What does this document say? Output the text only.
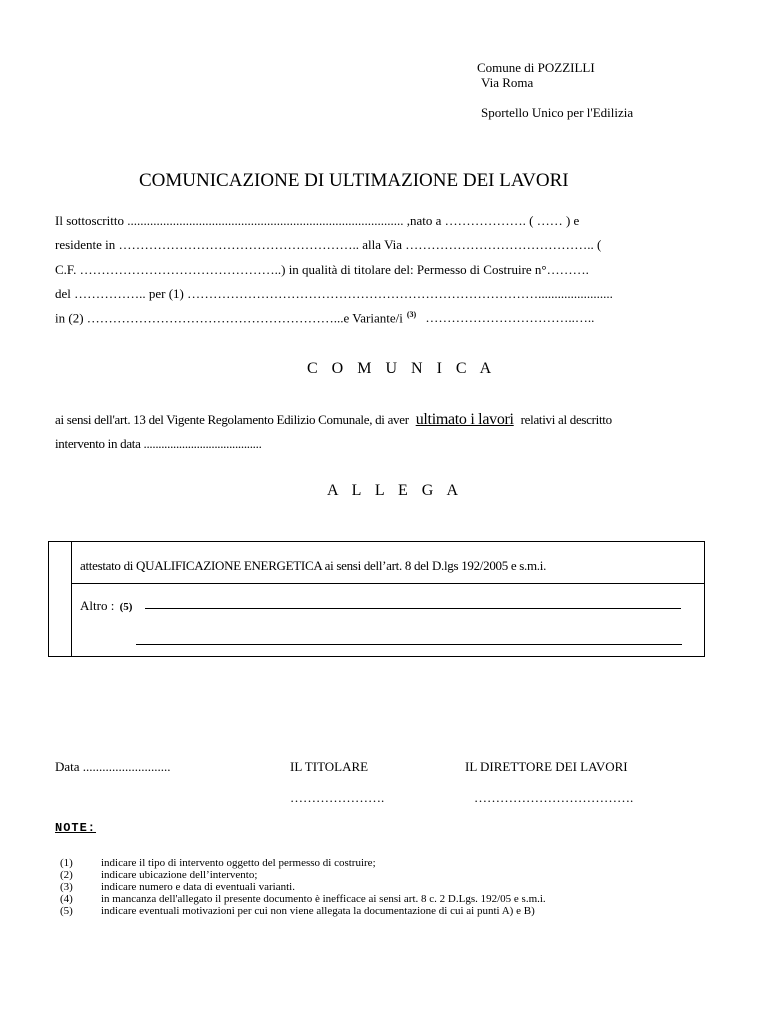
Comune di POZZILLI
Via Roma
Sportello Unico per l'Edilizia
COMUNICAZIONE DI ULTIMAZIONE DEI LAVORI
Il sottoscritto ..................................................................................... ,nato a ………………. ( …… ) e
residente in ……………………………………………….. alla Via …………………………………….. (
C.F. ………………………………………..) in qualità di titolare del: Permesso di Costruire n°……….
del …………….. per (1) ……………………………………………………………………….......................
in (2) …………………………………………………...e Variante/i $^{(3)}$ ……………………………..…..
C O M U N I C A
ai sensi dell'art. 13 del Vigente Regolamento Edilizio Comunale, di aver ultimato i lavori relativi al descritto
intervento in data ........................................
A L L E G A
attestato di QUALIFICAZIONE ENERGETICA ai sensi dell’art. 8 del D.lgs 192/2005 e s.m.i.
Altro : (5)
Data ...........................	IL TITOLARE	IL DIRETTORE DEI LAVORI
………………….	……………………………….
NOTE:
(1)	indicare il tipo di intervento oggetto del permesso di costruire;
(2)	indicare ubicazione dell’intervento;
(3)	indicare numero e data di eventuali varianti.
(4)	in mancanza dell'allegato il presente documento è inefficace ai sensi art. 8 c. 2 D.Lgs. 192/05 e s.m.i.
(5)	indicare eventuali motivazioni per cui non viene allegata la documentazione di cui ai punti A) e B)
